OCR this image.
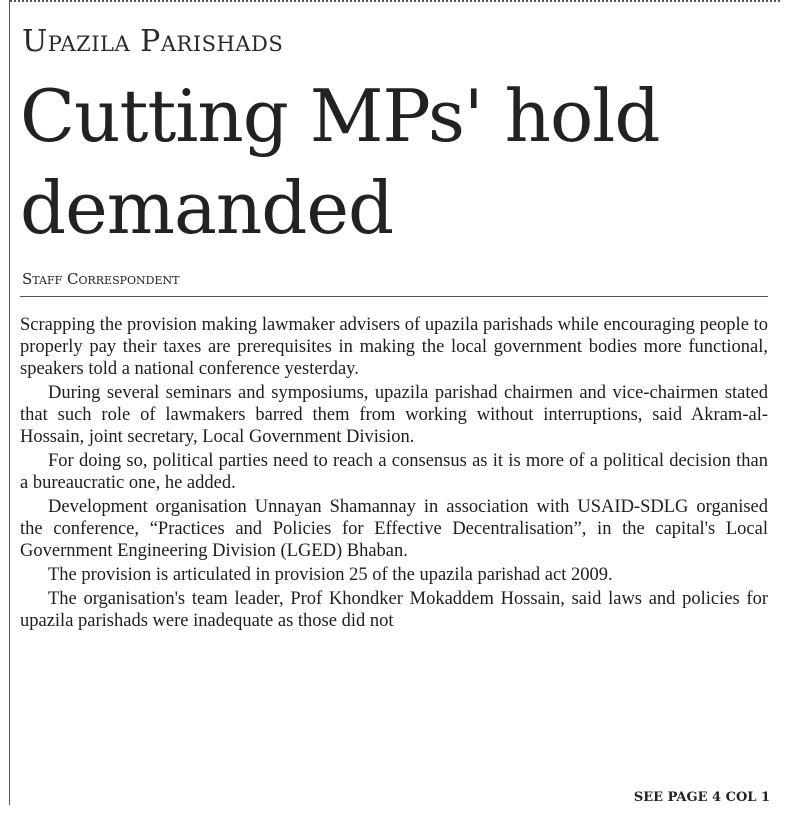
Upazila Parishads
Cutting MPs' hold demanded
Staff Correspondent

Scrapping the provision making lawmaker advisers of upazila parishads while encouraging people to properly pay their taxes are prerequisites in making the local government bodies more functional, speakers told a national conference yesterday.

During several seminars and symposiums, upazila parishad chairmen and vice-chairmen stated that such role of lawmakers barred them from working without interruptions, said Akram-al-Hossain, joint secretary, Local Government Division.

For doing so, political parties need to reach a consensus as it is more of a political decision than a bureaucratic one, he added.

Development organisation Unnayan Shamannay in association with USAID-SDLG organised the conference, “Practices and Policies for Effective Decentralisation”, in the capital's Local Government Engineering Division (LGED) Bhaban.

The provision is articulated in provision 25 of the upazila parishad act 2009.

The organisation's team leader, Prof Khondker Mokaddem Hossain, said laws and policies for upazila parishads were inadequate as those did not

SEE PAGE 4 COL 1
